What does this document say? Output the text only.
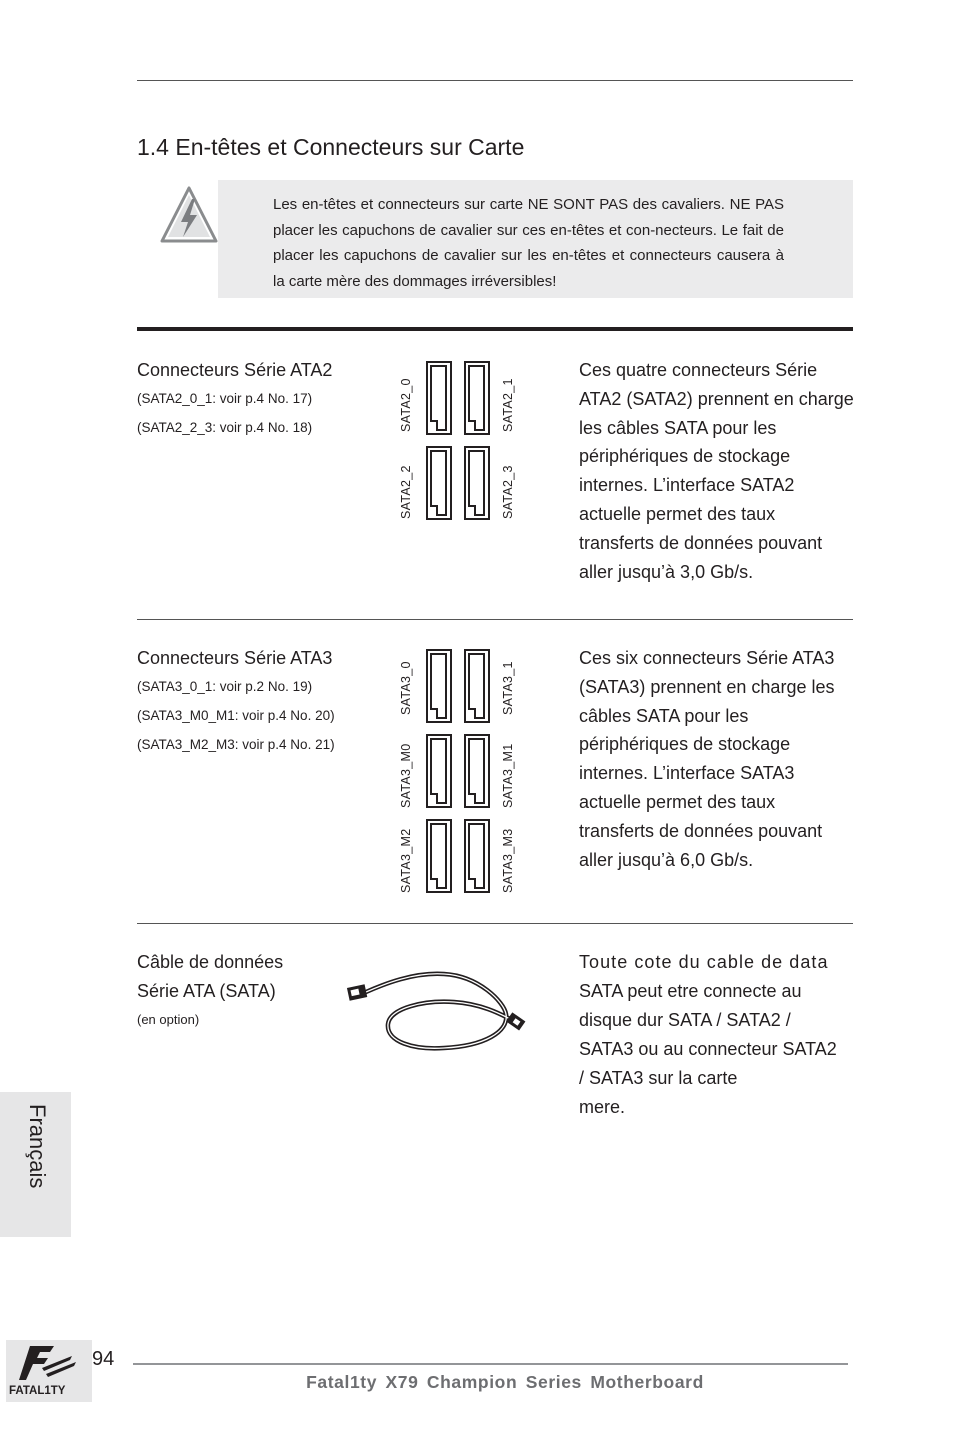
1.4 En-têtes et Connecteurs sur Carte
Les en-têtes et connecteurs sur carte NE SONT PAS des cavaliers. NE PAS placer les capuchons de cavalier sur ces en-têtes et con-necteurs. Le fait de placer les capuchons de cavalier sur les en-têtes et connecteurs causera à la carte mère des dommages irréversibles!
Connecteurs Série ATA2
(SATA2_0_1: voir p.4 No. 17)
(SATA2_2_3: voir p.4 No. 18)	SATA2_0
SATA2_2
SATA2_1
SATA2_3
Ces quatre connecteurs Série ATA2 (SATA2) prennent en charge les câbles SATA pour les périphériques de stockage internes. L’interface SATA2 actuelle permet des taux transferts de données pouvant aller jusqu’à 3,0 Gb/s.
Connecteurs Série ATA3
(SATA3_0_1: voir p.2 No. 19)
(SATA3_M0_M1: voir p.4 No. 20)
(SATA3_M2_M3: voir p.4 No. 21)
SATA3_0
SATA3_M0
SATA3_M2
SATA3_1
SATA3_M1
SATA3_M3
Ces six connecteurs Série ATA3 (SATA3) prennent en charge les câbles SATA pour les périphériques de stockage internes. L’interface SATA3 actuelle permet des taux transferts de données pouvant aller jusqu’à 6,0 Gb/s.
Câble de données
Série ATA (SATA)
(en option)
Toute cote du cable de data
SATA peut etre connecte au
disque dur SATA / SATA2 /
SATA3 ou au connecteur SATA2
/ SATA3 sur la carte
mere.
Français
FATAL1TY
94
Fatal1ty X79 Champion Series Motherboard
